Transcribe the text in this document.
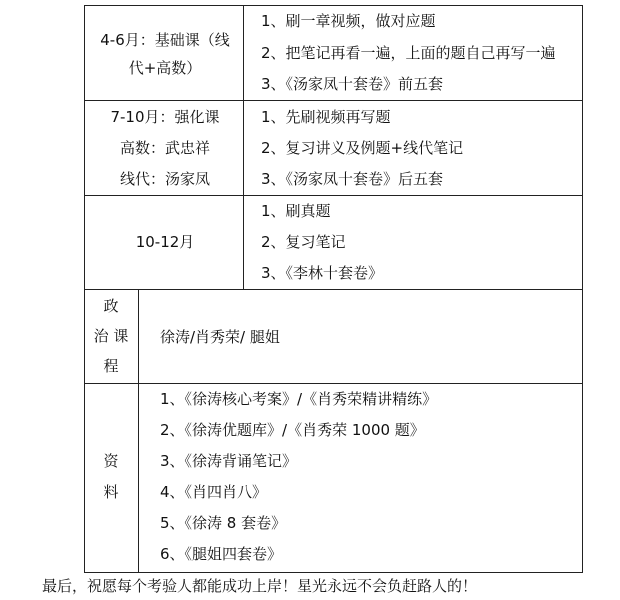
4-6月：基础课（线
代+高数）
1、刷一章视频，做对应题
2、把笔记再看一遍，上面的题自己再写一遍
3、《汤家凤十套卷》前五套
7-10月：强化课
高数：武忠祥
线代：汤家凤
1、先刷视频再写题
2、复习讲义及例题+线代笔记
3、《汤家凤十套卷》后五套
10-12月
1、刷真题
2、复习笔记
3、《李林十套卷》
政
治 课
程
徐涛/肖秀荣/ 腿姐
资
料
1、《徐涛核心考案》/《肖秀荣精讲精练》
2、《徐涛优题库》/《肖秀荣 1000 题》
3、《徐涛背诵笔记》
4、《肖四肖八》
5、《徐涛 8 套卷》
6、《腿姐四套卷》
最后，祝愿每个考验人都能成功上岸！星光永远不会负赶路人的！
